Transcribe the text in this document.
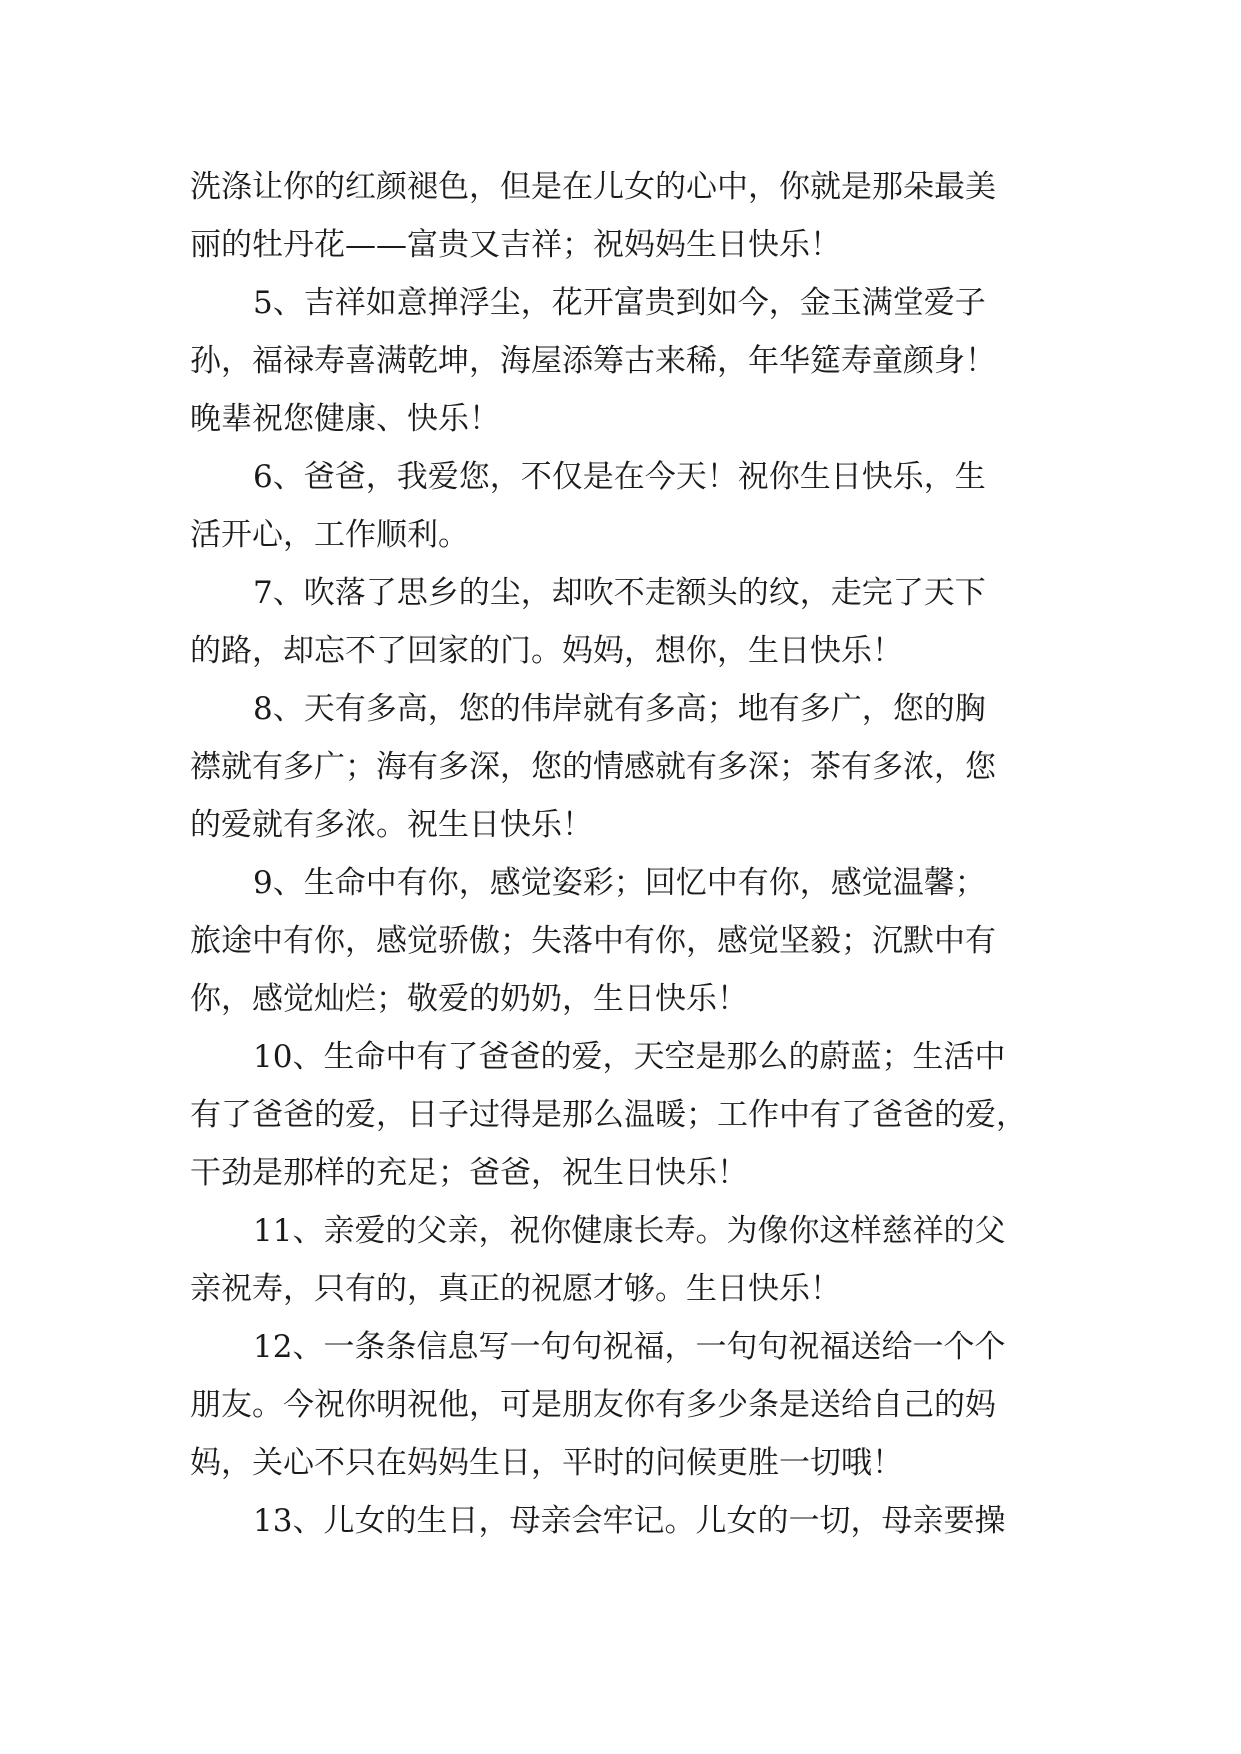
洗涤让你的红颜褪色，但是在儿女的心中，你就是那朵最美
丽的牡丹花——富贵又吉祥；祝妈妈生日快乐！
5、吉祥如意掸浮尘，花开富贵到如今，金玉满堂爱子
孙，福禄寿喜满乾坤，海屋添筹古来稀，年华筵寿童颜身！
晚辈祝您健康、快乐！
6、爸爸，我爱您，不仅是在今天！祝你生日快乐，生
活开心，工作顺利。
7、吹落了思乡的尘，却吹不走额头的纹，走完了天下
的路，却忘不了回家的门。妈妈，想你，生日快乐！
8、天有多高，您的伟岸就有多高；地有多广，您的胸
襟就有多广；海有多深，您的情感就有多深；茶有多浓，您
的爱就有多浓。祝生日快乐！
9、生命中有你，感觉姿彩；回忆中有你，感觉温馨；
旅途中有你，感觉骄傲；失落中有你，感觉坚毅；沉默中有
你，感觉灿烂；敬爱的奶奶，生日快乐！
10、生命中有了爸爸的爱，天空是那么的蔚蓝；生活中
有了爸爸的爱，日子过得是那么温暖；工作中有了爸爸的爱，
干劲是那样的充足；爸爸，祝生日快乐！
11、亲爱的父亲，祝你健康长寿。为像你这样慈祥的父
亲祝寿，只有的，真正的祝愿才够。生日快乐！
12、一条条信息写一句句祝福，一句句祝福送给一个个
朋友。今祝你明祝他，可是朋友你有多少条是送给自己的妈
妈，关心不只在妈妈生日，平时的问候更胜一切哦！
13、儿女的生日，母亲会牢记。儿女的一切，母亲要操
